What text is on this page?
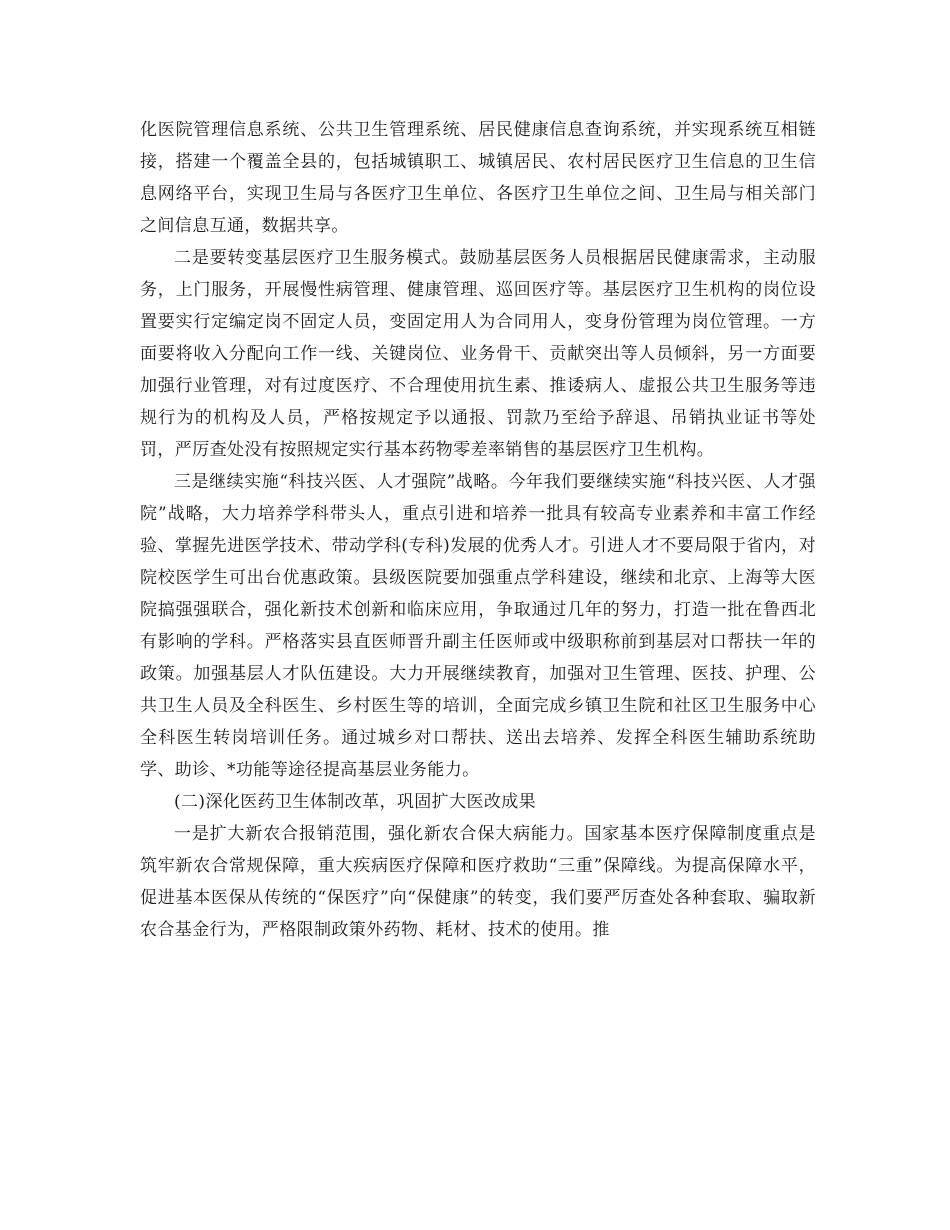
化医院管理信息系统、公共卫生管理系统、居民健康信息查询系统，并实现系统互相链接，搭建一个覆盖全县的，包括城镇职工、城镇居民、农村居民医疗卫生信息的卫生信息网络平台，实现卫生局与各医疗卫生单位、各医疗卫生单位之间、卫生局与相关部门之间信息互通，数据共享。

二是要转变基层医疗卫生服务模式。鼓励基层医务人员根据居民健康需求，主动服务，上门服务，开展慢性病管理、健康管理、巡回医疗等。基层医疗卫生机构的岗位设置要实行定编定岗不固定人员，变固定用人为合同用人，变身份管理为岗位管理。一方面要将收入分配向工作一线、关键岗位、业务骨干、贡献突出等人员倾斜，另一方面要加强行业管理，对有过度医疗、不合理使用抗生素、推诿病人、虚报公共卫生服务等违规行为的机构及人员，严格按规定予以通报、罚款乃至给予辞退、吊销执业证书等处罚，严厉查处没有按照规定实行基本药物零差率销售的基层医疗卫生机构。

三是继续实施“科技兴医、人才强院”战略。今年我们要继续实施“科技兴医、人才强院”战略，大力培养学科带头人，重点引进和培养一批具有较高专业素养和丰富工作经验、掌握先进医学技术、带动学科(专科)发展的优秀人才。引进人才不要局限于省内，对院校医学生可出台优惠政策。县级医院要加强重点学科建设，继续和北京、上海等大医院搞强强联合，强化新技术创新和临床应用，争取通过几年的努力，打造一批在鲁西北有影响的学科。严格落实县直医师晋升副主任医师或中级职称前到基层对口帮扶一年的政策。加强基层人才队伍建设。大力开展继续教育，加强对卫生管理、医技、护理、公共卫生人员及全科医生、乡村医生等的培训，全面完成乡镇卫生院和社区卫生服务中心全科医生转岗培训任务。通过城乡对口帮扶、送出去培养、发挥全科医生辅助系统助学、助诊、*功能等途径提高基层业务能力。

(二)深化医药卫生体制改革，巩固扩大医改成果

一是扩大新农合报销范围，强化新农合保大病能力。国家基本医疗保障制度重点是筑牢新农合常规保障，重大疾病医疗保障和医疗救助“三重”保障线。为提高保障水平，促进基本医保从传统的“保医疗”向“保健康”的转变，我们要严厉查处各种套取、骗取新农合基金行为，严格限制政策外药物、耗材、技术的使用。推
